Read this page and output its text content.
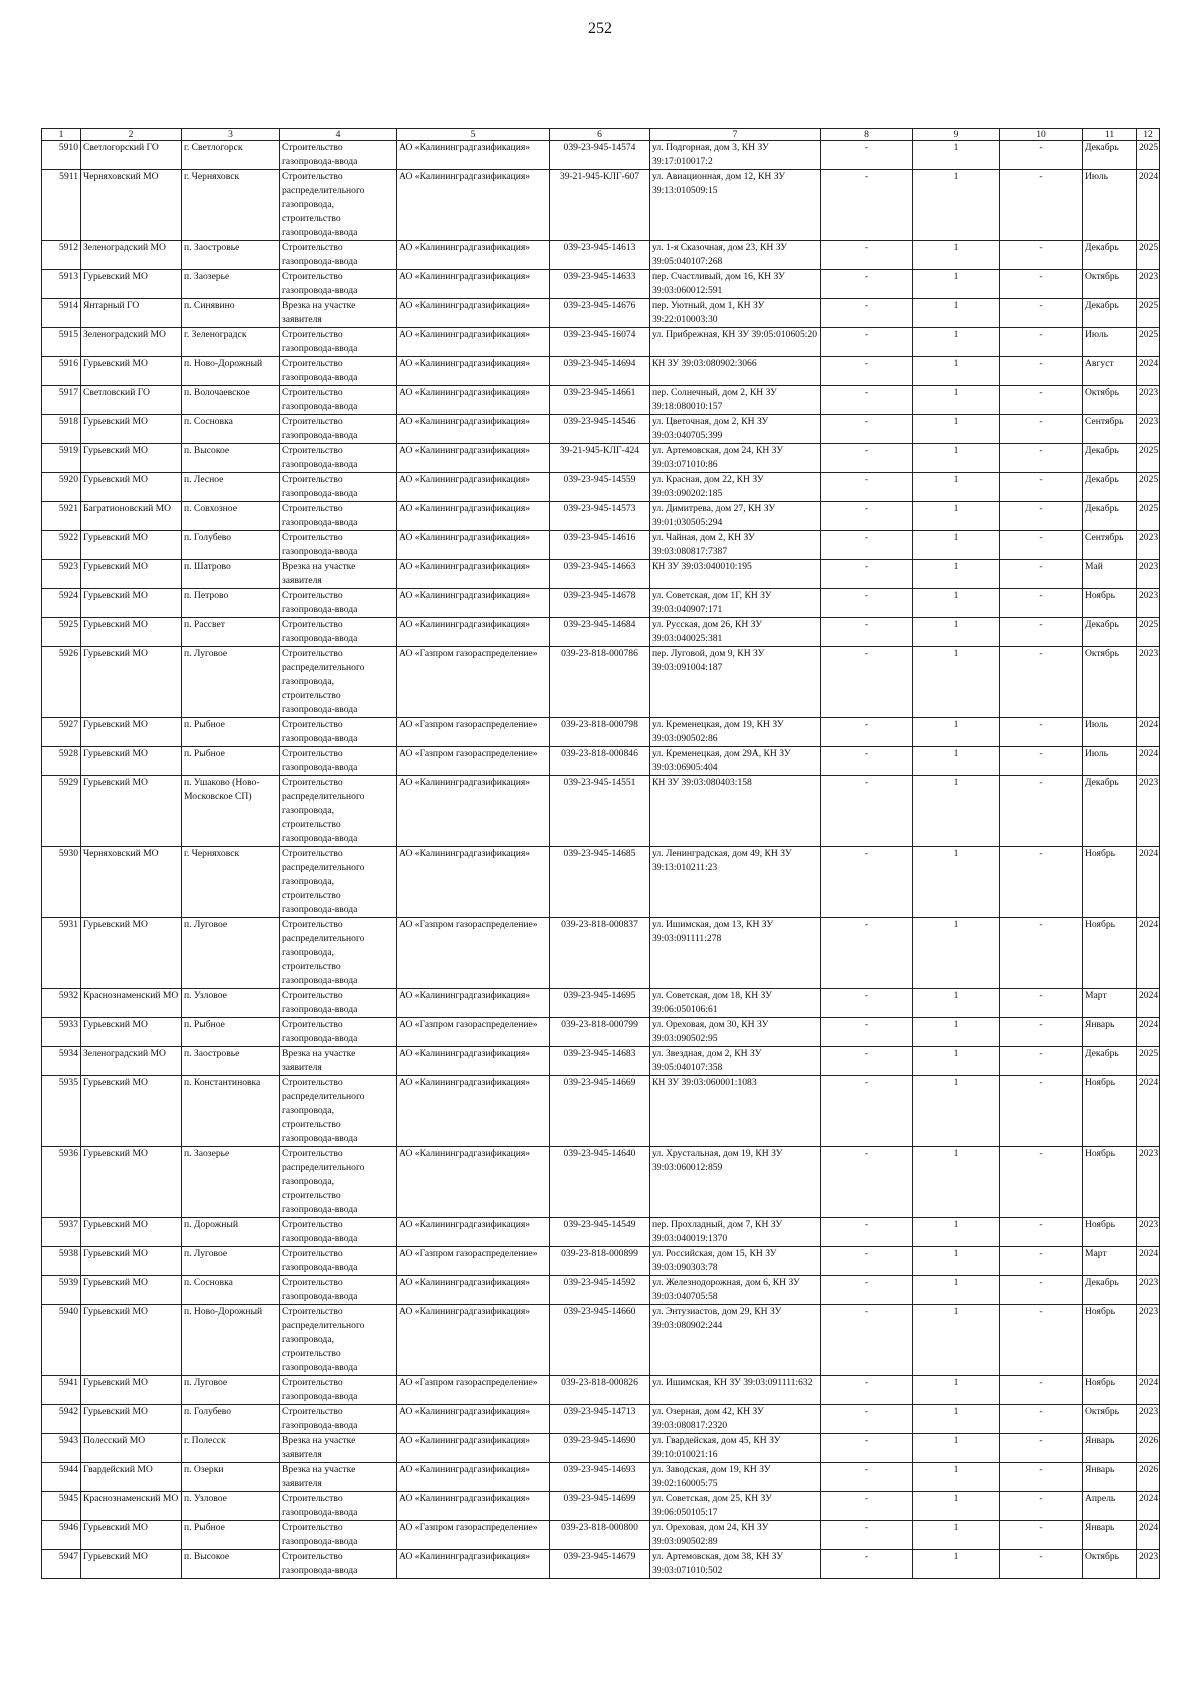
252
1	2	3	4	5	6	7	8	9	10	11	12
5910	Светлогорский ГО	г. Светлогорск	Строительство газопровода-ввода	АО «Калининградгазификация»	039-23-945-14574	ул. Подгорная, дом 3, КН ЗУ 39:17:010017:2	-	1	-	Декабрь	2025
5911	Черняховский МО	г. Черняховск	Строительство распределительного газопровода, строительство газопровода-ввода	АО «Калининградгазификация»	39-21-945-КЛГ-607	ул. Авиационная, дом 12, КН ЗУ 39:13:010509:15	-	1	-	Июль	2024
5912	Зеленоградский МО	п. Заостровье	Строительство газопровода-ввода	АО «Калининградгазификация»	039-23-945-14613	ул. 1-я Сказочная, дом 23, КН ЗУ 39:05:040107:268	-	1	-	Декабрь	2025
5913	Гурьевский МО	п. Заозерье	Строительство газопровода-ввода	АО «Калининградгазификация»	039-23-945-14633	пер. Счастливый, дом 16, КН ЗУ 39:03:060012:591	-	1	-	Октябрь	2023
5914	Янтарный ГО	п. Синявино	Врезка на участке заявителя	АО «Калининградгазификация»	039-23-945-14676	пер. Уютный, дом 1, КН ЗУ 39:22:010003:30	-	1	-	Декабрь	2025
5915	Зеленоградский МО	г. Зеленоградск	Строительство газопровода-ввода	АО «Калининградгазификация»	039-23-945-16074	ул. Прибрежная, КН ЗУ 39:05:010605:20	-	1	-	Июль	2025
5916	Гурьевский МО	п. Ново-Дорожный	Строительство газопровода-ввода	АО «Калининградгазификация»	039-23-945-14694	КН ЗУ 39:03:080902:3066	-	1	-	Август	2024
5917	Светловский ГО	п. Волочаевское	Строительство газопровода-ввода	АО «Калининградгазификация»	039-23-945-14661	пер. Солнечный, дом 2, КН ЗУ 39:18:080010:157	-	1	-	Октябрь	2023
5918	Гурьевский МО	п. Сосновка	Строительство газопровода-ввода	АО «Калининградгазификация»	039-23-945-14546	ул. Цветочная, дом 2, КН ЗУ 39:03:040705:399	-	1	-	Сентябрь	2023
5919	Гурьевский МО	п. Высокое	Строительство газопровода-ввода	АО «Калининградгазификация»	39-21-945-КЛГ-424	ул. Артемовская, дом 24, КН ЗУ 39:03:071010:86	-	1	-	Декабрь	2025
5920	Гурьевский МО	п. Лесное	Строительство газопровода-ввода	АО «Калининградгазификация»	039-23-945-14559	ул. Красная, дом 22, КН ЗУ 39:03:090202:185	-	1	-	Декабрь	2025
5921	Багратионовский МО	п. Совхозное	Строительство газопровода-ввода	АО «Калининградгазификация»	039-23-945-14573	ул. Димитрева, дом 27, КН ЗУ 39:01:030505:294	-	1	-	Декабрь	2025
5922	Гурьевский МО	п. Голубево	Строительство газопровода-ввода	АО «Калининградгазификация»	039-23-945-14616	ул. Чайная, дом 2, КН ЗУ 39:03:080817:7387	-	1	-	Сентябрь	2023
5923	Гурьевский МО	п. Шатрово	Врезка на участке заявителя	АО «Калининградгазификация»	039-23-945-14663	КН ЗУ 39:03:040010:195	-	1	-	Май	2023
5924	Гурьевский МО	п. Петрово	Строительство газопровода-ввода	АО «Калининградгазификация»	039-23-945-14678	ул. Советская, дом 1Г, КН ЗУ 39:03:040907:171	-	1	-	Ноябрь	2023
5925	Гурьевский МО	п. Рассвет	Строительство газопровода-ввода	АО «Калининградгазификация»	039-23-945-14684	ул. Русская, дом 26, КН ЗУ 39:03:040025:381	-	1	-	Декабрь	2025
5926	Гурьевский МО	п. Луговое	Строительство распределительного газопровода, строительство газопровода-ввода	АО «Газпром газораспределение»	039-23-818-000786	пер. Луговой, дом 9, КН ЗУ 39:03:091004:187	-	1	-	Октябрь	2023
5927	Гурьевский МО	п. Рыбное	Строительство газопровода-ввода	АО «Газпром газораспределение»	039-23-818-000798	ул. Кременецкая, дом 19, КН ЗУ 39:03:090502:86	-	1	-	Июль	2024
5928	Гурьевский МО	п. Рыбное	Строительство газопровода-ввода	АО «Газпром газораспределение»	039-23-818-000846	ул. Кременецкая, дом 29А, КН ЗУ 39:03:06905:404	-	1	-	Июль	2024
5929	Гурьевский МО	п. Ушаково (Ново-Московское СП)	Строительство распределительного газопровода, строительство газопровода-ввода	АО «Калининградгазификация»	039-23-945-14551	КН ЗУ 39:03:080403:158	-	1	-	Декабрь	2023
5930	Черняховский МО	г. Черняховск	Строительство распределительного газопровода, строительство газопровода-ввода	АО «Калининградгазификация»	039-23-945-14685	ул. Ленинградская, дом 49, КН ЗУ 39:13:010211:23	-	1	-	Ноябрь	2024
5931	Гурьевский МО	п. Луговое	Строительство распределительного газопровода, строительство газопровода-ввода	АО «Газпром газораспределение»	039-23-818-000837	ул. Ишимская, дом 13, КН ЗУ 39:03:091111:278	-	1	-	Ноябрь	2024
5932	Краснознаменский МО	п. Узловое	Строительство газопровода-ввода	АО «Калининградгазификация»	039-23-945-14695	ул. Советская, дом 18, КН ЗУ 39:06:050106:61	-	1	-	Март	2024
5933	Гурьевский МО	п. Рыбное	Строительство газопровода-ввода	АО «Газпром газораспределение»	039-23-818-000799	ул. Ореховая, дом 30, КН ЗУ 39:03:090502:95	-	1	-	Январь	2024
5934	Зеленоградский МО	п. Заостровье	Врезка на участке заявителя	АО «Калининградгазификация»	039-23-945-14683	ул. Звездная, дом 2, КН ЗУ 39:05:040107:358	-	1	-	Декабрь	2025
5935	Гурьевский МО	п. Константиновка	Строительство распределительного газопровода, строительство газопровода-ввода	АО «Калининградгазификация»	039-23-945-14669	КН ЗУ 39:03:060001:1083	-	1	-	Ноябрь	2024
5936	Гурьевский МО	п. Заозерье	Строительство распределительного газопровода, строительство газопровода-ввода	АО «Калининградгазификация»	039-23-945-14640	ул. Хрустальная, дом 19, КН ЗУ 39:03:060012:859	-	1	-	Ноябрь	2023
5937	Гурьевский МО	п. Дорожный	Строительство газопровода-ввода	АО «Калининградгазификация»	039-23-945-14549	пер. Прохладный, дом 7, КН ЗУ 39:03:040019:1370	-	1	-	Ноябрь	2023
5938	Гурьевский МО	п. Луговое	Строительство газопровода-ввода	АО «Газпром газораспределение»	039-23-818-000899	ул. Российская, дом 15, КН ЗУ 39:03:090303:78	-	1	-	Март	2024
5939	Гурьевский МО	п. Сосновка	Строительство газопровода-ввода	АО «Калининградгазификация»	039-23-945-14592	ул. Железнодорожная, дом 6, КН ЗУ 39:03:040705:58	-	1	-	Декабрь	2023
5940	Гурьевский МО	п. Ново-Дорожный	Строительство распределительного газопровода, строительство газопровода-ввода	АО «Калининградгазификация»	039-23-945-14660	ул. Энтузиастов, дом 29, КН ЗУ 39:03:080902:244	-	1	-	Ноябрь	2023
5941	Гурьевский МО	п. Луговое	Строительство газопровода-ввода	АО «Газпром газораспределение»	039-23-818-000826	ул. Ишимская, КН ЗУ 39:03:091111:632	-	1	-	Ноябрь	2024
5942	Гурьевский МО	п. Голубево	Строительство газопровода-ввода	АО «Калининградгазификация»	039-23-945-14713	ул. Озерная, дом 42, КН ЗУ 39:03:080817:2320	-	1	-	Октябрь	2023
5943	Полесский МО	г. Полесск	Врезка на участке заявителя	АО «Калининградгазификация»	039-23-945-14690	ул. Гвардейская, дом 45, КН ЗУ 39:10:010021:16	-	1	-	Январь	2026
5944	Гвардейский МО	п. Озерки	Врезка на участке заявителя	АО «Калининградгазификация»	039-23-945-14693	ул. Заводская, дом 19, КН ЗУ 39:02:160005:75	-	1	-	Январь	2026
5945	Краснознаменский МО	п. Узловое	Строительство газопровода-ввода	АО «Калининградгазификация»	039-23-945-14699	ул. Советская, дом 25, КН ЗУ 39:06:050105:17	-	1	-	Апрель	2024
5946	Гурьевский МО	п. Рыбное	Строительство газопровода-ввода	АО «Газпром газораспределение»	039-23-818-000800	ул. Ореховая, дом 24, КН ЗУ 39:03:090502:89	-	1	-	Январь	2024
5947	Гурьевский МО	п. Высокое	Строительство газопровода-ввода	АО «Калининградгазификация»	039-23-945-14679	ул. Артемовская, дом 38, КН ЗУ 39:03:071010:502	-	1	-	Октябрь	2023
